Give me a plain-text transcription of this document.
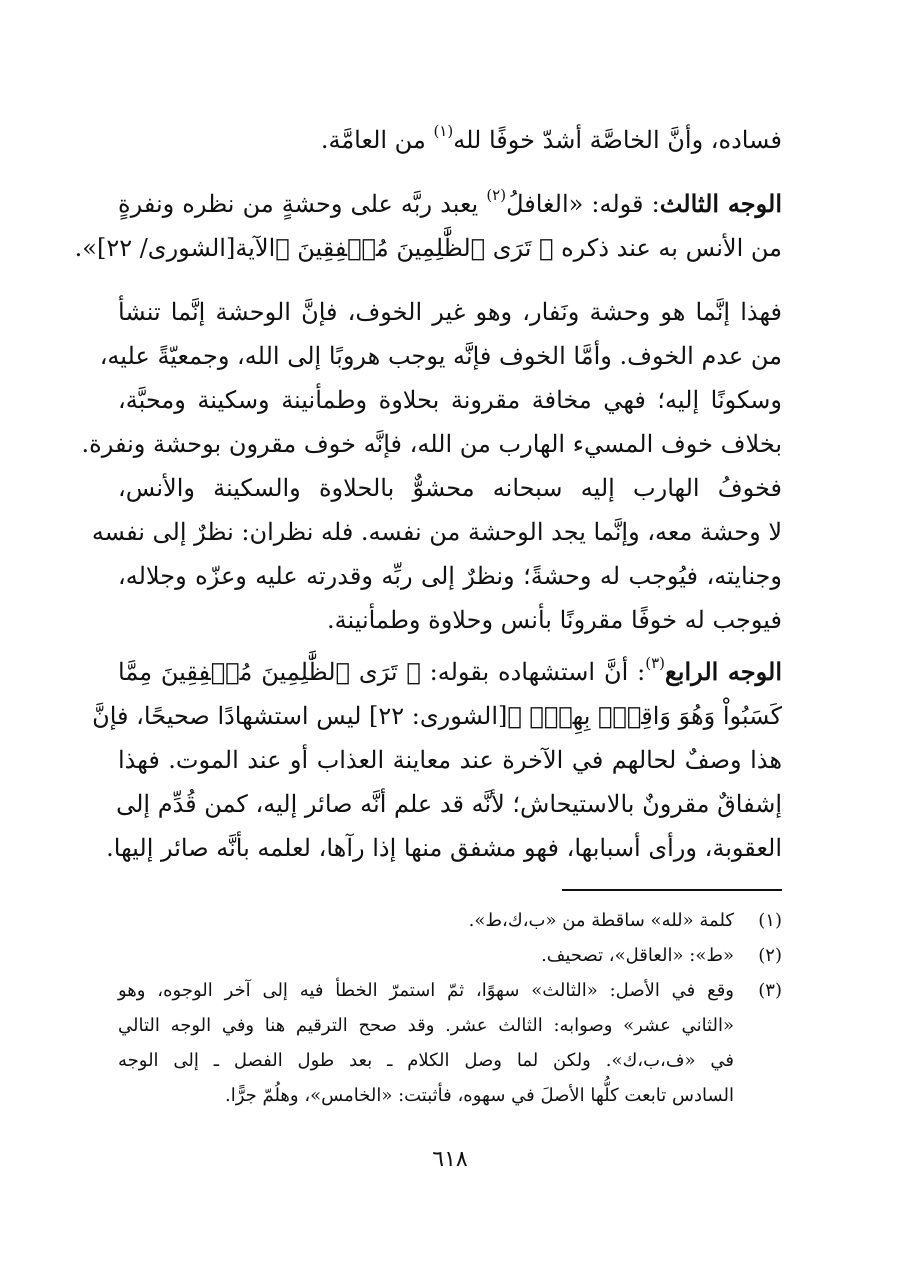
فساده، وأنَّ الخاصَّة أشدّ خوفًا لله$^{(١)}$ من العامَّة.
الوجه الثالث: قوله: «الغافلُ$^{(٢)}$ يعبد ربَّه على وحشةٍ من نظره ونفرةٍ
من الأنس به عند ذكره ﴿ تَرَى ٱلظَّٰلِمِينَ مُشۡفِقِينَ ﴾الآية[الشورى/ ٢٢]».
فهذا إنَّما هو وحشة ونَفار، وهو غير الخوف، فإنَّ الوحشة إنَّما تنشأ
من عدم الخوف. وأمَّا الخوف فإنَّه يوجب هروبًا إلى الله، وجمعيّةً عليه،
وسكونًا إليه؛ فهي مخافة مقرونة بحلاوة وطمأنينة وسكينة ومحبَّة،
بخلاف خوف المسيء الهارب من الله، فإنَّه خوف مقرون بوحشة ونفرة.
فخوفُ الهارب إليه سبحانه محشوٌّ بالحلاوة والسكينة والأنس،
لا وحشة معه، وإنَّما يجد الوحشة من نفسه. فله نظران: نظرٌ إلى نفسه
وجنايته، فيُوجب له وحشةً؛ ونظرٌ إلى ربِّه وقدرته عليه وعزّه وجلاله،
فيوجب له خوفًا مقرونًا بأنس وحلاوة وطمأنينة.
الوجه الرابع$^{(٣)}$: أنَّ استشهاده بقوله: ﴿ تَرَى ٱلظَّٰلِمِينَ مُشۡفِقِينَ مِمَّا
كَسَبُواْ وَهُوَ وَاقِعُۢ بِهِمۡۗ ﴾[الشورى: ٢٢] ليس استشهادًا صحيحًا، فإنَّ
هذا وصفٌ لحالهم في الآخرة عند معاينة العذاب أو عند الموت. فهذا
إشفاقٌ مقرونٌ بالاستيحاش؛ لأنَّه قد علم أنَّه صائر إليه، كمن قُدِّم إلى
العقوبة، ورأى أسبابها، فهو مشفق منها إذا رآها، لعلمه بأنَّه صائر إليها.
(١)
كلمة «لله» ساقطة من «ب،ك،ط».
(٢)
«ط»: «العاقل»، تصحيف.
(٣)
وقع في الأصل: «الثالث» سهوًا، ثمّ استمرّ الخطأ فيه إلى آخر الوجوه، وهو
«الثاني عشر» وصوابه: الثالث عشر. وقد صحح الترقيم هنا وفي الوجه التالي
في «ف،ب،ك». ولكن لما وصل الكلام ـ بعد طول الفصل ـ إلى الوجه
السادس تابعت كلُّها الأصلَ في سهوه، فأثبتت: «الخامس»، وهلُمّ جرًّا.
٦١٨
